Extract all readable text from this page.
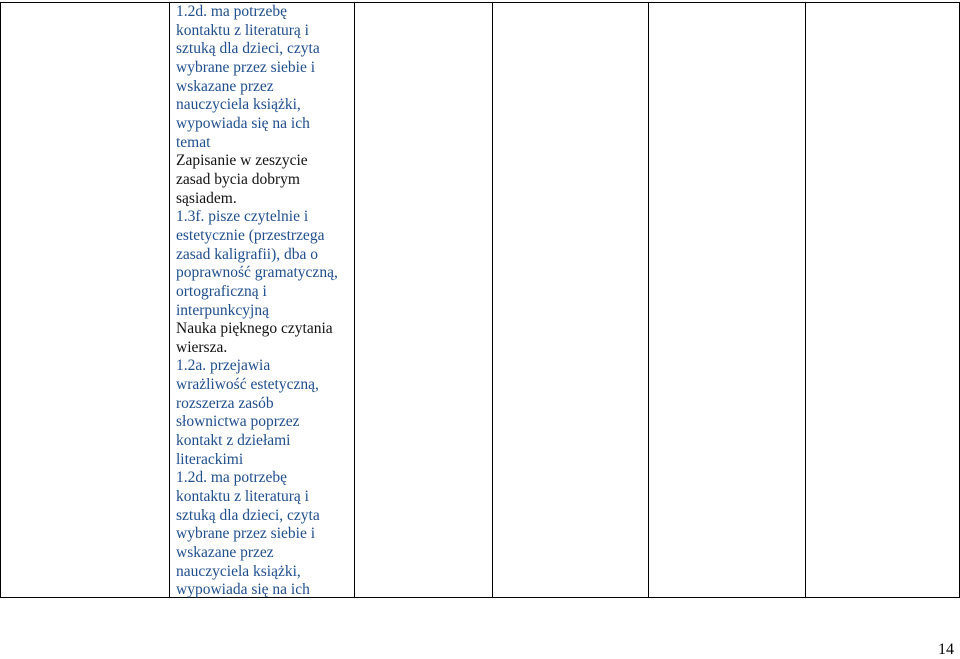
1.2d. ma potrzebę
kontaktu z literaturą i
sztuką dla dzieci, czyta
wybrane przez siebie i
wskazane przez
nauczyciela książki,
wypowiada się na ich
temat
Zapisanie w zeszycie
zasad bycia dobrym
sąsiadem.
1.3f. pisze czytelnie i
estetycznie (przestrzega
zasad kaligrafii), dba o
poprawność gramatyczną,
ortograficzną i
interpunkcyjną
Nauka pięknego czytania
wiersza.
1.2a. przejawia
wrażliwość estetyczną,
rozszerza zasób
słownictwa poprzez
kontakt z dziełami
literackimi
1.2d. ma potrzebę
kontaktu z literaturą i
sztuką dla dzieci, czyta
wybrane przez siebie i
wskazane przez
nauczyciela książki,
wypowiada się na ich
14
